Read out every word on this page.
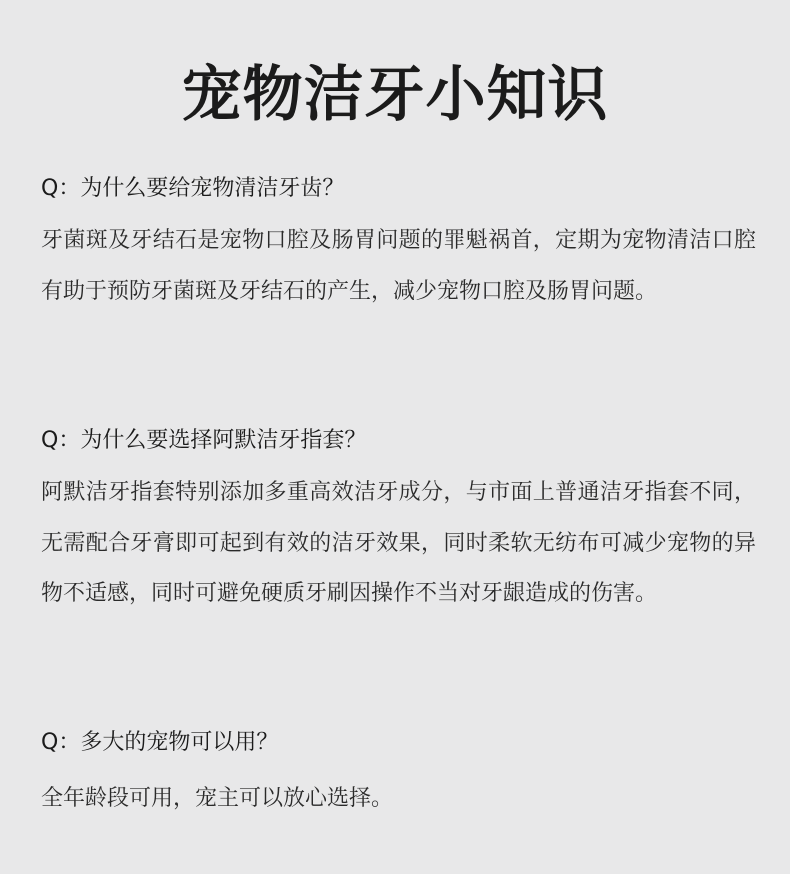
宠物洁牙小知识
Q：为什么要给宠物清洁牙齿？

牙菌斑及牙结石是宠物口腔及肠胃问题的罪魁祸首，定期为宠物清洁口腔有助于预防牙菌斑及牙结石的产生，减少宠物口腔及肠胃问题。

Q：为什么要选择阿默洁牙指套？

阿默洁牙指套特别添加多重高效洁牙成分，与市面上普通洁牙指套不同，无需配合牙膏即可起到有效的洁牙效果，同时柔软无纺布可减少宠物的异物不适感，同时可避免硬质牙刷因操作不当对牙龈造成的伤害。

Q：多大的宠物可以用？

全年龄段可用，宠主可以放心选择。
